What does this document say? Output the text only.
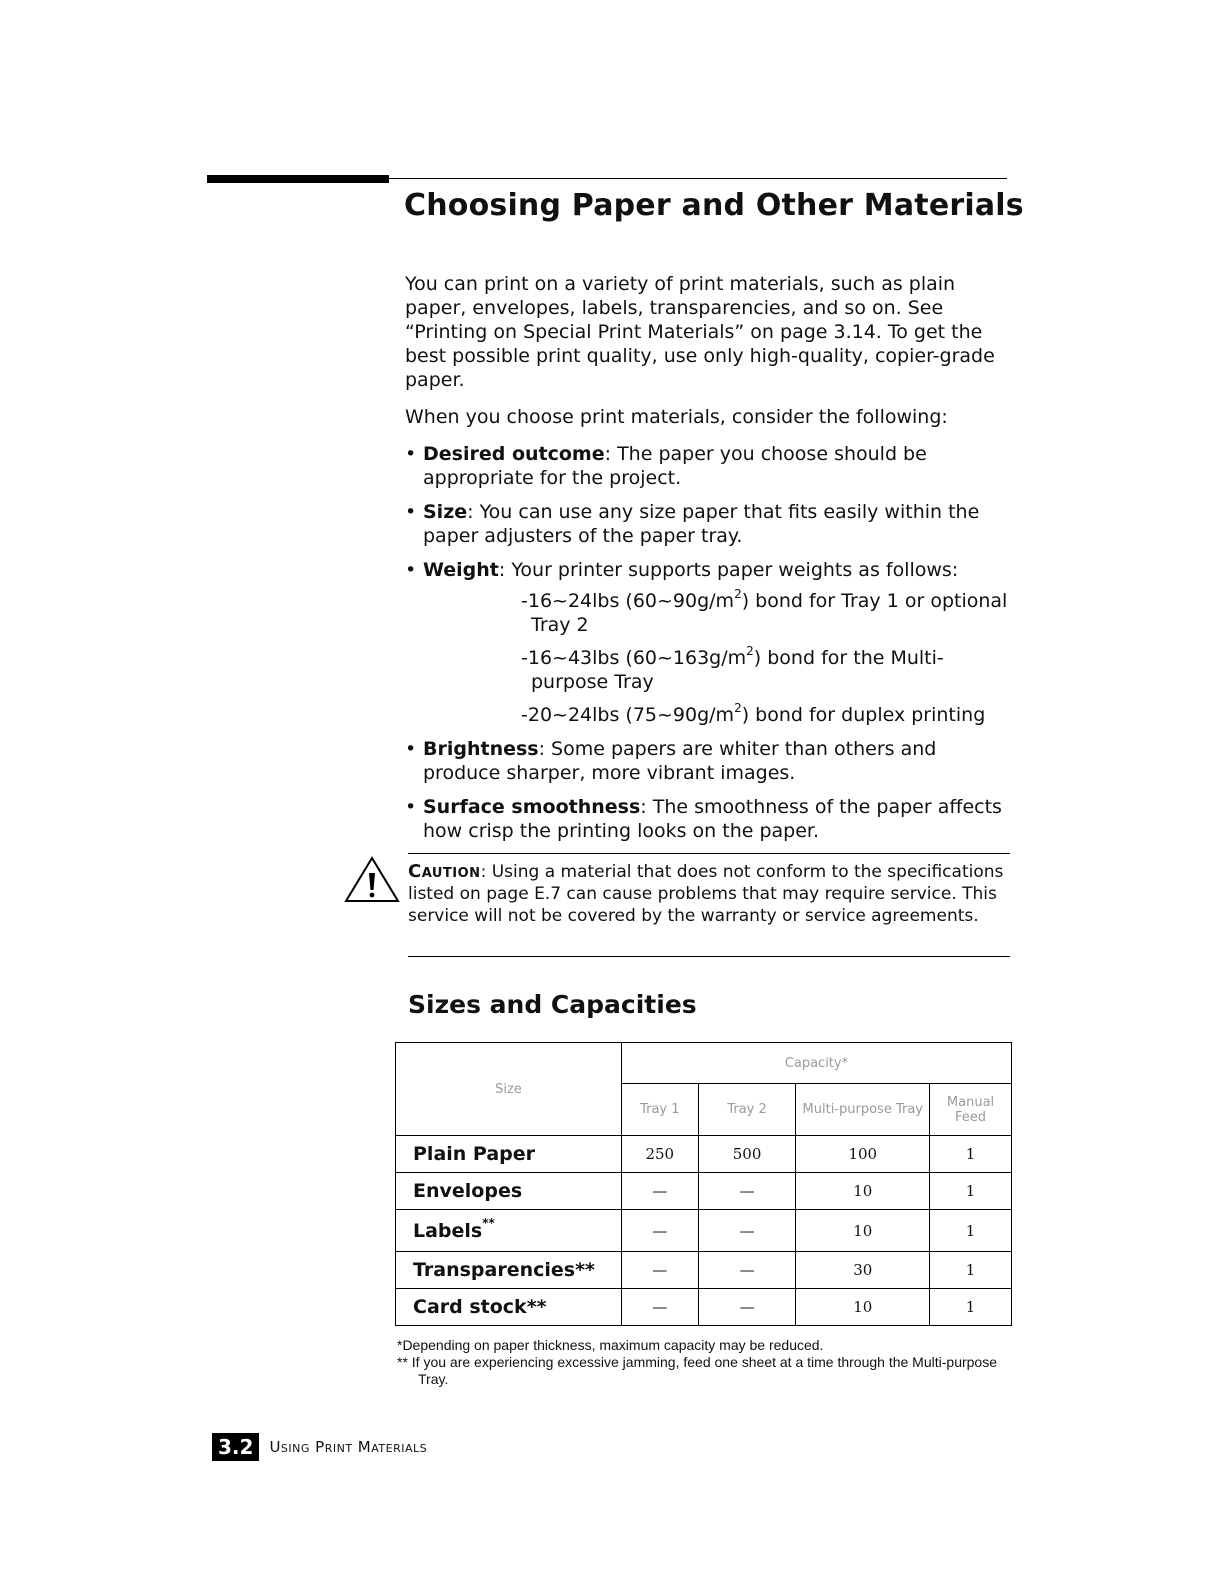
Choosing Paper and Other Materials

You can print on a variety of print materials, such as plain paper, envelopes, labels, transparencies, and so on. See “Printing on Special Print Materials” on page 3.14. To get the best possible print quality, use only high-quality, copier-grade paper.

When you choose print materials, consider the following:

• Desired outcome: The paper you choose should be appropriate for the project.
• Size: You can use any size paper that fits easily within the paper adjusters of the paper tray.
• Weight: Your printer supports paper weights as follows:
-16~24lbs $(60\sim 90g/m^2)$ bond for Tray 1 or optional Tray 2
-16~43lbs $(60\sim 163g/m^2)$ bond for the Multi-purpose Tray
-20~24lbs $(75\sim 90g/m^2)$ bond for duplex printing
• Brightness: Some papers are whiter than others and produce sharper, more vibrant images.
• Surface smoothness: The smoothness of the paper affects how crisp the printing looks on the paper.
Caution: Using a material that does not conform to the specifications listed on page E.7 can cause problems that may require service. This service will not be covered by the warranty or service agreements.
Sizes and Capacities
Size	Capacity*			
	Tray 1	Tray 2	Multi-purpose Tray	Manual Feed
Plain Paper	250	500	100	1
Envelopes	—	—	10	1
Labels**	—	—	10	1
Transparencies**	—	—	30	1
Card stock**	—	—	10	1

*Depending on paper thickness, maximum capacity may be reduced.

** If you are experiencing excessive jamming, feed one sheet at a time through the Multi-purpose Tray.

3.2	Using Print Materials
